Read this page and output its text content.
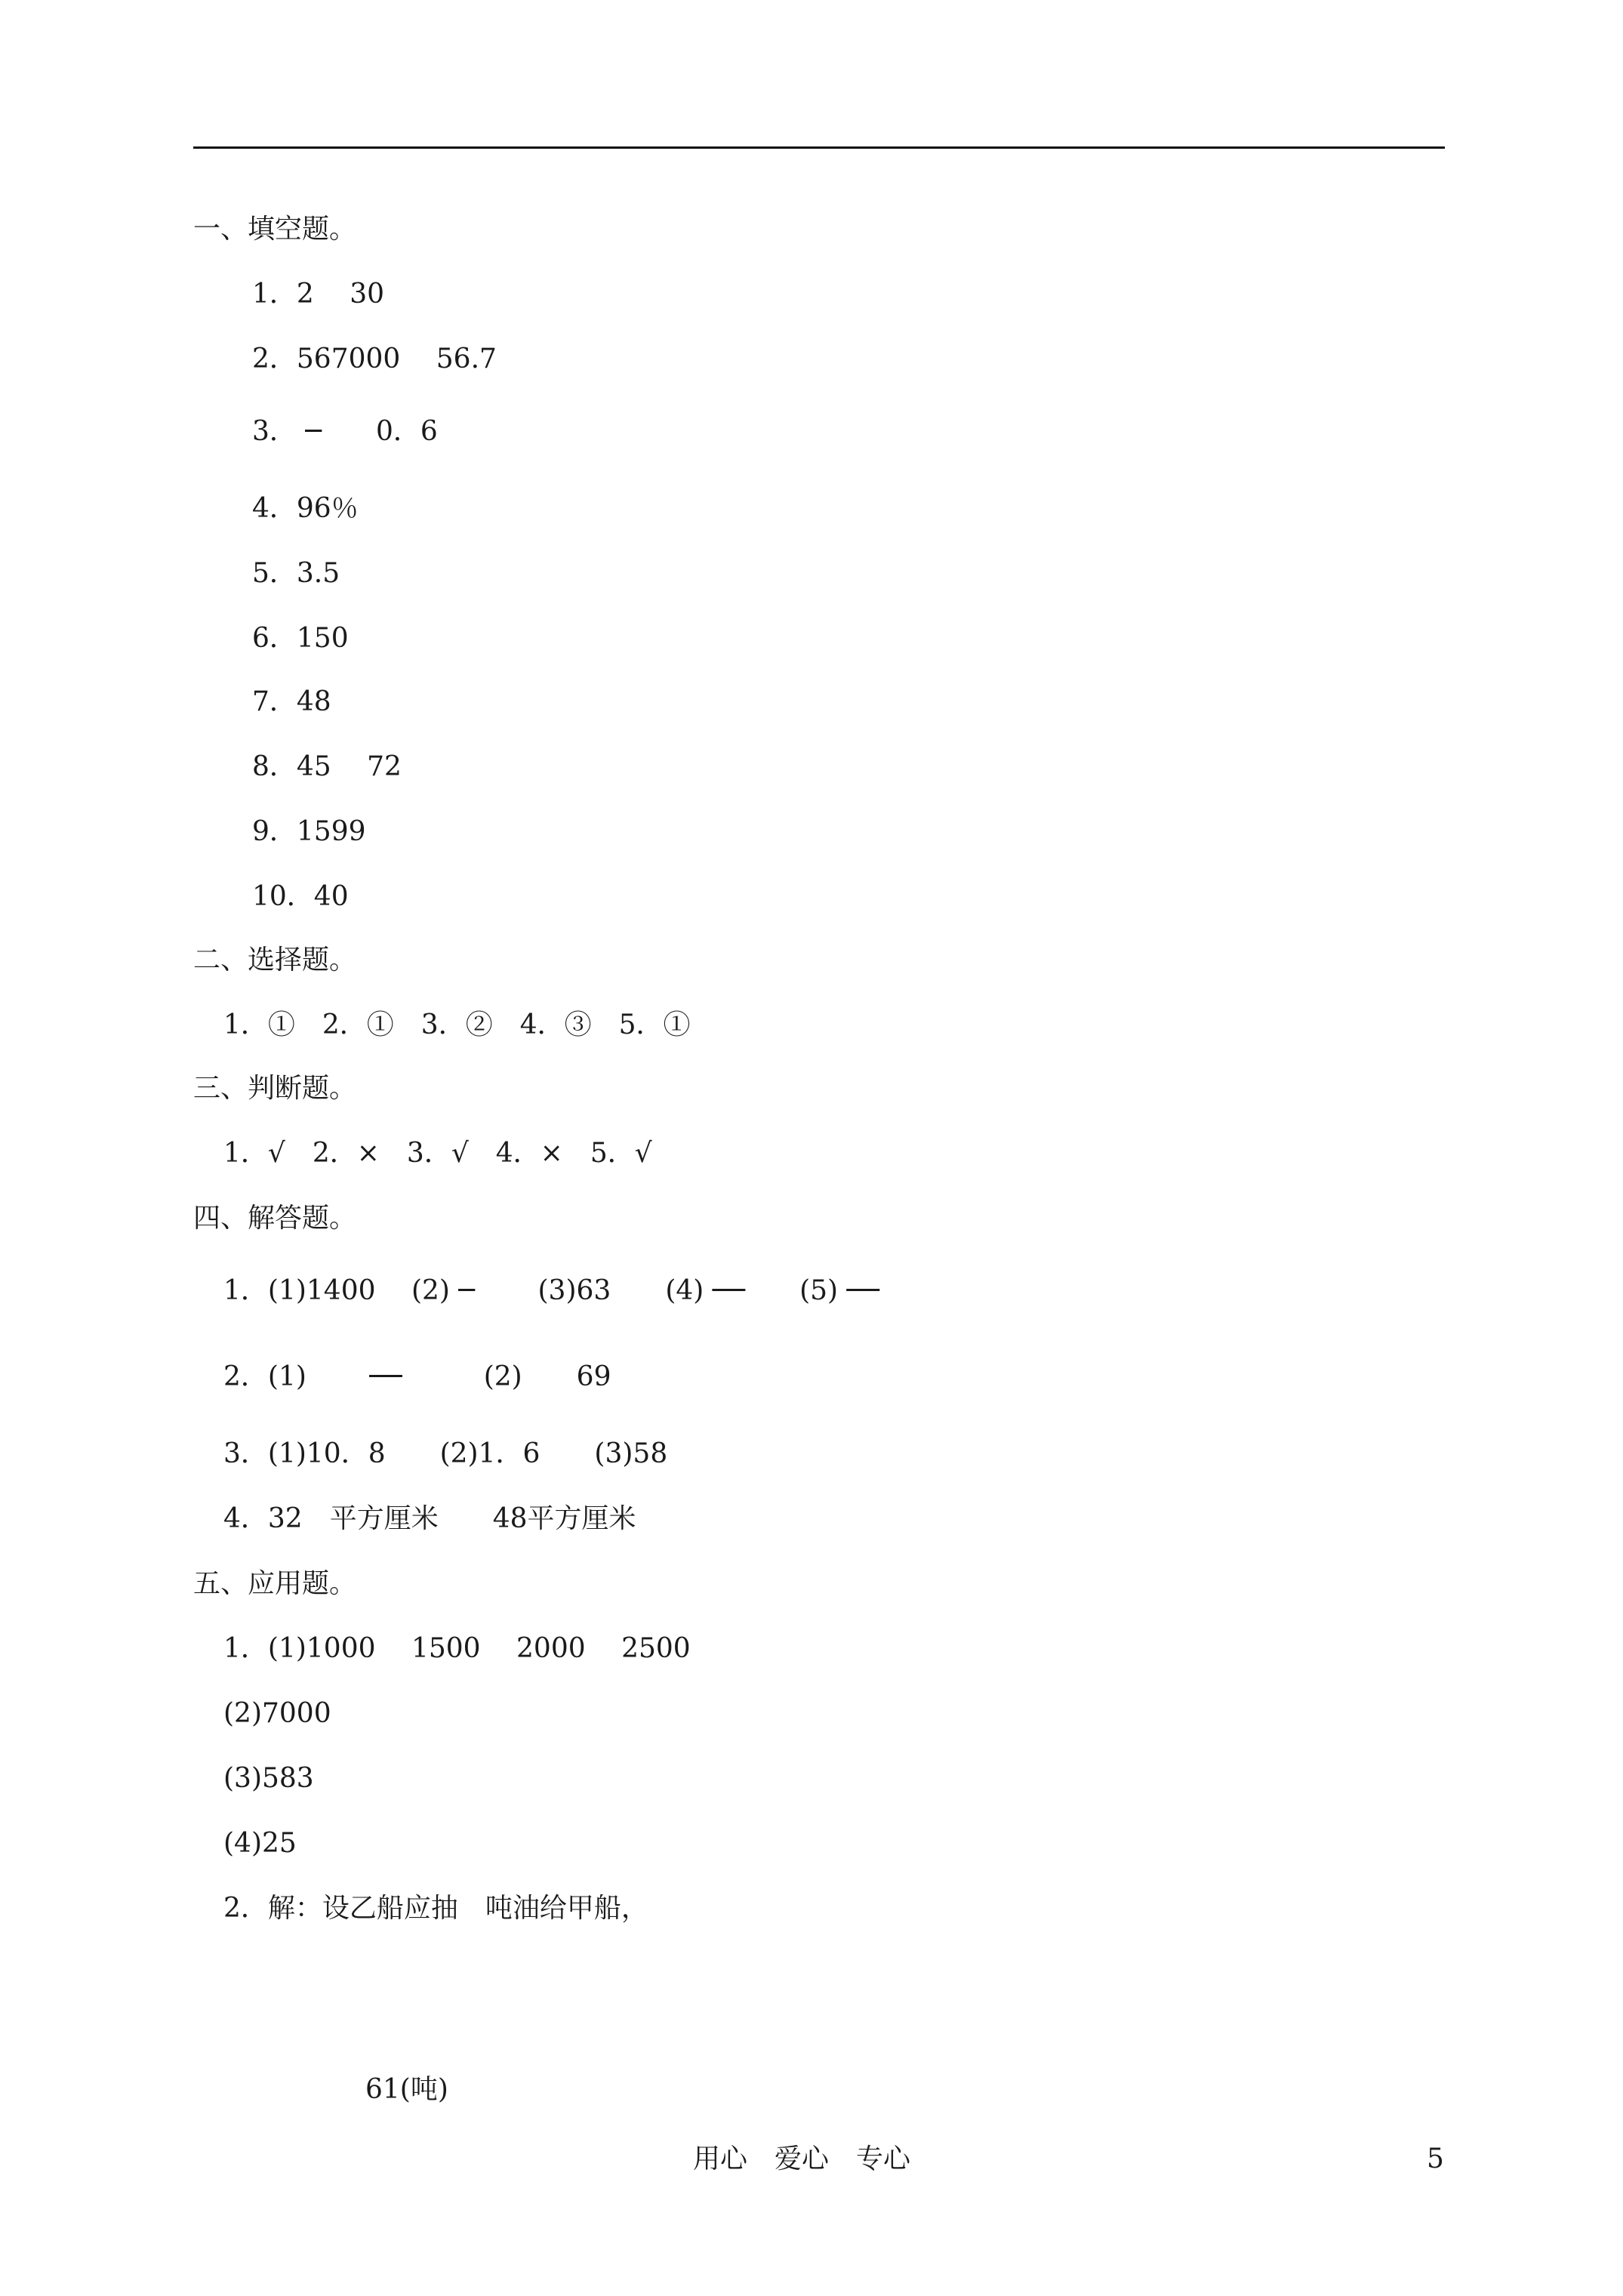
一、填空题。
1．2　 30
2．567000　 56.7
3． ─　　0．6
4．96％
5．3.5
6．150
7．48
8．45　 72
9．1599
10．40
二、选择题。
1．①　2．①　3．②　4．③　5．①
三、判断题。
1．√　2．×　3．√　4．×　5．√
四、解答题。
1．(1)1400　 (2) ─　　 (3)63　　(4) ──　　(5) ──
2．(1)　　 ──　　　(2)　　69
3．(1)10．8　　(2)1．6　　(3)58
4．32　平方厘米　　48平方厘米
五、应用题。
1．(1)1000　 1500　 2000　 2500
(2)7000
(3)583
(4)25
2．解：设乙船应抽　吨油给甲船，
61(吨)
用心　爱心　专心	5
